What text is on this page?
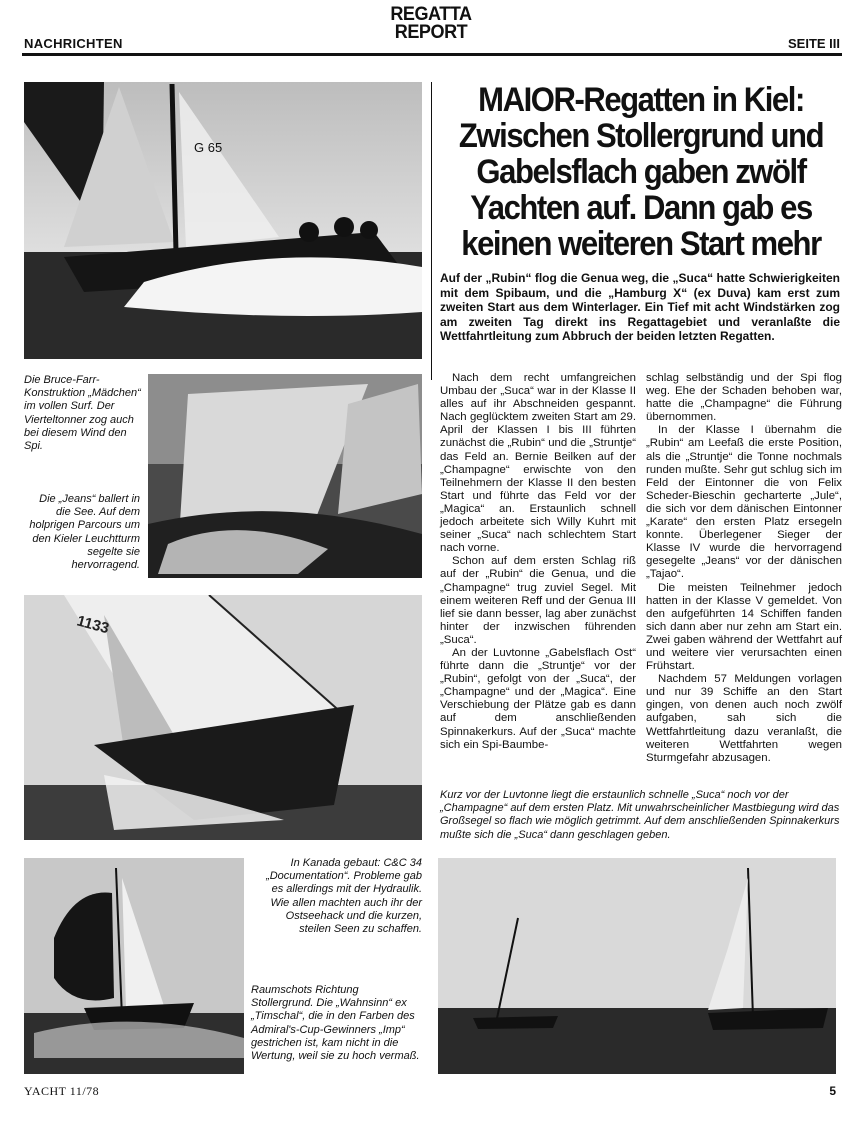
NACHRICHTEN
REGATTA
REPORT
SEITE III
G 65
1133
Die Bruce-Farr-Konstruktion „Mädchen“ im vollen Surf. Der Vierteltonner zog auch bei diesem Wind den Spi.
Die „Jeans“ ballert in die See. Auf dem holprigen Parcours um den Kieler Leuchtturm segelte sie hervorragend.
In Kanada gebaut: C&C 34 „Documentation“. Probleme gab es allerdings mit der Hydraulik. Wie allen machten auch ihr der Ostseehack und die kurzen, steilen Seen zu schaffen.
Raumschots Richtung Stollergrund. Die „Wahnsinn“ ex „Timschal“, die in den Farben des Admiral's-Cup-Gewinners „Imp“ gestrichen ist, kam nicht in die Wertung, weil sie zu hoch vermaß.
MAIOR-Regatten in Kiel: Zwischen Stollergrund und Gabelsflach gaben zwölf Yachten auf. Dann gab es keinen weiteren Start mehr
Auf der „Rubin“ flog die Genua weg, die „Suca“ hatte Schwierigkeiten mit dem Spibaum, und die „Hamburg X“ (ex Duva) kam erst zum zweiten Start aus dem Winterlager. Ein Tief mit acht Windstärken zog am zweiten Tag direkt ins Regattagebiet und veranlaßte die Wettfahrtleitung zum Abbruch der beiden letzten Regatten.

Nach dem recht umfangreichen Umbau der „Suca“ war in der Klasse II alles auf ihr Abschneiden gespannt. Nach geglücktem zweiten Start am 29. April der Klassen I bis III führten zunächst die „Rubin“ und die „Struntje“ das Feld an. Bernie Beilken auf der „Champagne“ erwischte von den Teilnehmern der Klasse II den besten Start und führte das Feld vor der „Magica“ an. Erstaunlich schnell jedoch arbeitete sich Willy Kuhrt mit seiner „Suca“ nach schlechtem Start nach vorne.

Schon auf dem ersten Schlag riß auf der „Rubin“ die Genua, und die „Champagne“ trug zuviel Segel. Mit einem weiteren Reff und der Genua III lief sie dann besser, lag aber zunächst hinter der inzwischen führenden „Suca“.

An der Luvtonne „Gabelsflach Ost“ führte dann die „Struntje“ vor der „Rubin“, gefolgt von der „Suca“, der „Champagne“ und der „Magica“. Eine Verschiebung der Plätze gab es dann auf dem anschließenden Spinnakerkurs. Auf der „Suca“ machte sich ein Spi-Baumbe-

schlag selbständig und der Spi flog weg. Ehe der Schaden behoben war, hatte die „Champagne“ die Führung übernommen.

In der Klasse I übernahm die „Rubin“ am Leefaß die erste Position, als die „Struntje“ die Tonne nochmals runden mußte. Sehr gut schlug sich im Feld der Eintonner die von Felix Scheder-Bieschin gecharterte „Jule“, die sich vor dem dänischen Eintonner „Karate“ den ersten Platz ersegeln konnte. Überlegener Sieger der Klasse IV wurde die hervorragend gesegelte „Jeans“ vor der dänischen „Tajao“.

Die meisten Teilnehmer jedoch hatten in der Klasse V gemeldet. Von den aufgeführten 14 Schiffen fanden sich dann aber nur zehn am Start ein. Zwei gaben während der Wettfahrt auf und weitere vier verursachten einen Frühstart.

Nachdem 57 Meldungen vorlagen und nur 39 Schiffe an den Start gingen, von denen auch noch zwölf aufgaben, sah sich die Wettfahrtleitung dazu veranlaßt, die weiteren Wettfahrten wegen Sturmgefahr abzusagen.

Kurz vor der Luvtonne liegt die erstaunlich schnelle „Suca“ noch vor der „Champagne“ auf dem ersten Platz. Mit unwahrscheinlicher Mastbiegung wird das Großsegel so flach wie möglich getrimmt. Auf dem anschließenden Spinnakerkurs mußte sich die „Suca“ dann geschlagen geben.
YACHT 11/78	5
